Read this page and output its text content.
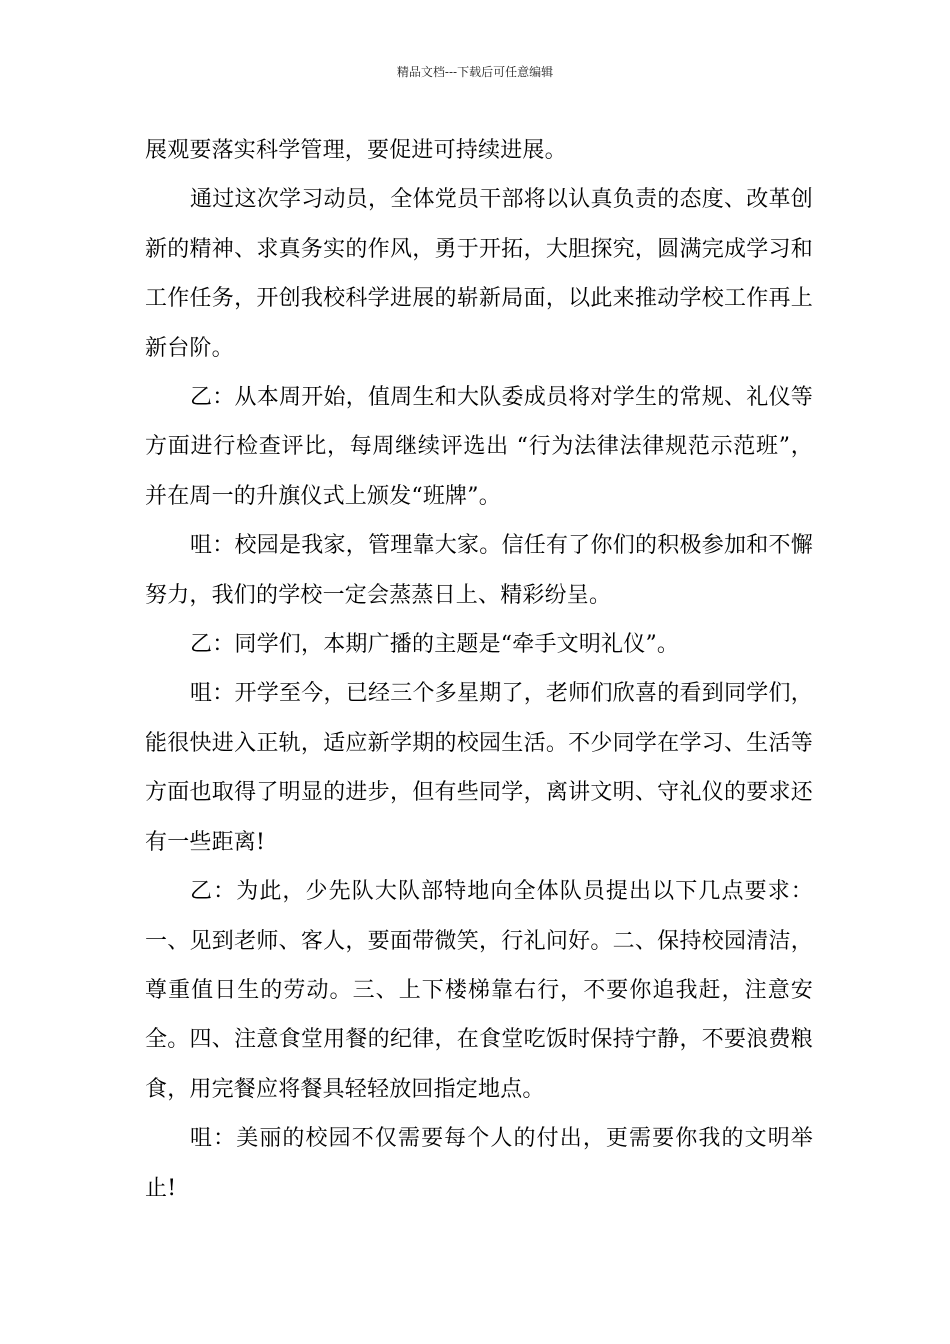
精品文档---下载后可任意编辑

展观要落实科学管理，要促进可持续进展。

通过这次学习动员，全体党员干部将以认真负责的态度、改革创新的精神、求真务实的作风，勇于开拓，大胆探究，圆满完成学习和工作任务，开创我校科学进展的崭新局面，以此来推动学校工作再上新台阶。

乙：从本周开始，值周生和大队委成员将对学生的常规、礼仪等方面进行检查评比，每周继续评选出 “行为法律法律规范示范班”，并在周一的升旗仪式上颁发“班牌”。

咀：校园是我家，管理靠大家。信任有了你们的积极参加和不懈努力，我们的学校一定会蒸蒸日上、精彩纷呈。

乙：同学们，本期广播的主题是“牵手文明礼仪”。

咀：开学至今，已经三个多星期了，老师们欣喜的看到同学们，能很快进入正轨，适应新学期的校园生活。不少同学在学习、生活等方面也取得了明显的进步，但有些同学，离讲文明、守礼仪的要求还有一些距离!

乙：为此，少先队大队部特地向全体队员提出以下几点要求：一、见到老师、客人，要面带微笑，行礼问好。二、保持校园清洁，尊重值日生的劳动。三、上下楼梯靠右行，不要你追我赶，注意安全。四、注意食堂用餐的纪律，在食堂吃饭时保持宁静，不要浪费粮食，用完餐应将餐具轻轻放回指定地点。

咀：美丽的校园不仅需要每个人的付出，更需要你我的文明举止!
